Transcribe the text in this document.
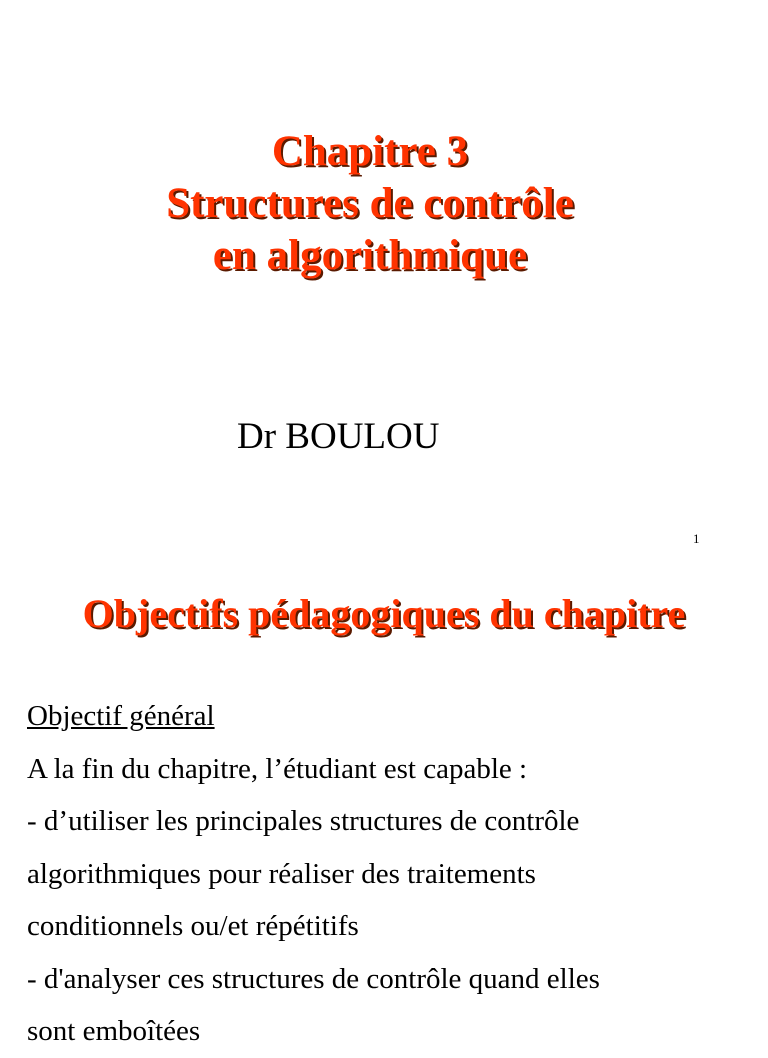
Chapitre 3
Structures de contrôle
en algorithmique
Dr BOULOU
1
Objectifs pédagogiques du chapitre
Objectif général
A la fin du chapitre, l’étudiant est capable :
- d’utiliser les principales structures de contrôle
algorithmiques pour réaliser des traitements
conditionnels ou/et répétitifs
- d'analyser ces structures de contrôle quand elles
sont emboîtées
